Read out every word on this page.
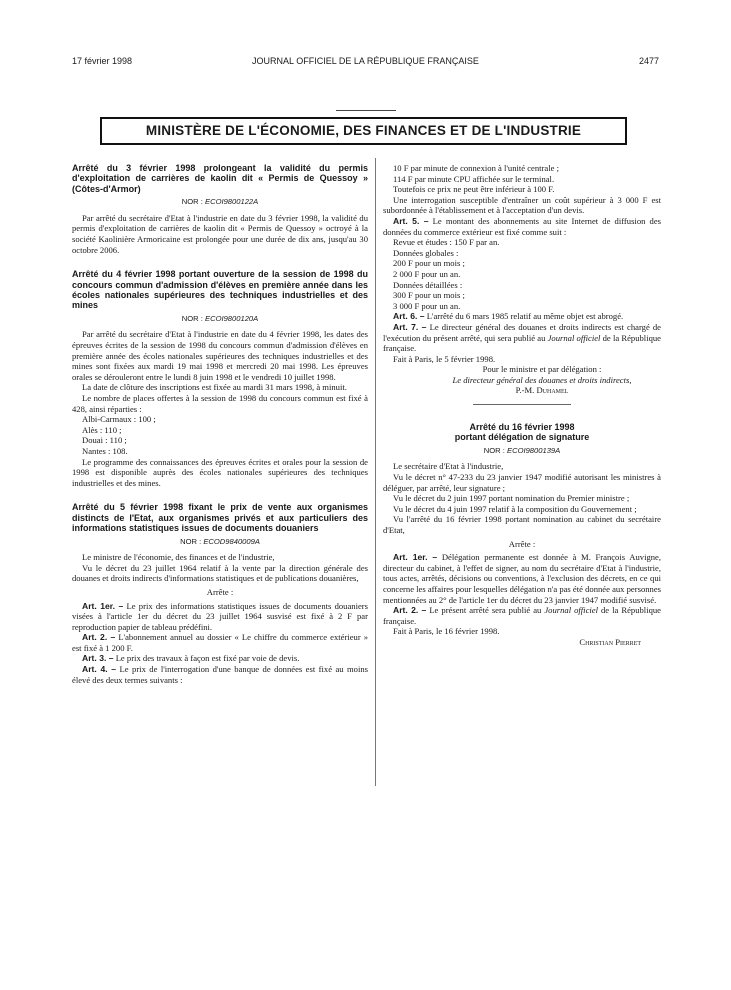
17 février 1998	JOURNAL OFFICIEL DE LA RÉPUBLIQUE FRANÇAISE	2477
MINISTÈRE DE L'ÉCONOMIE, DES FINANCES ET DE L'INDUSTRIE
Arrêté du 3 février 1998 prolongeant la validité du permis d'exploitation de carrières de kaolin dit « Permis de Quessoy » (Côtes-d'Armor)
NOR : ECOI9800122A

Par arrêté du secrétaire d'Etat à l'industrie en date du 3 février 1998, la validité du permis d'exploitation de carrières de kaolin dit « Permis de Quessoy » octroyé à la société Kaolinière Armoricaine est prolongée pour une durée de dix ans, jusqu'au 30 octobre 2006.

Arrêté du 4 février 1998 portant ouverture de la session de 1998 du concours commun d'admission d'élèves en première année dans les écoles nationales supérieures des techniques industrielles et des mines
NOR : ECOI9800120A

Par arrêté du secrétaire d'Etat à l'industrie en date du 4 février 1998, les dates des épreuves écrites de la session de 1998 du concours commun d'admission d'élèves en première année des écoles nationales supérieures des techniques industrielles et des mines sont fixées aux mardi 19 mai 1998 et mercredi 20 mai 1998. Les épreuves orales se dérouleront entre le lundi 8 juin 1998 et le vendredi 10 juillet 1998.

La date de clôture des inscriptions est fixée au mardi 31 mars 1998, à minuit.

Le nombre de places offertes à la session de 1998 du concours commun est fixé à 428, ainsi réparties :

Albi-Carmaux : 100 ;

Alès : 110 ;

Douai : 110 ;

Nantes : 108.

Le programme des connaissances des épreuves écrites et orales pour la session de 1998 est disponible auprès des écoles nationales supérieures des techniques industrielles et des mines.

Arrêté du 5 février 1998 fixant le prix de vente aux organismes distincts de l'Etat, aux organismes privés et aux particuliers des informations statistiques issues de documents douaniers
NOR : ECOD9840009A

Le ministre de l'économie, des finances et de l'industrie,

Vu le décret du 23 juillet 1964 relatif à la vente par la direction générale des douanes et droits indirects d'informations statistiques et de publications douanières,

Arrête :

Art. 1er. – Le prix des informations statistiques issues de documents douaniers visées à l'article 1er du décret du 23 juillet 1964 susvisé est fixé à 2 F par reproduction papier de tableau prédéfini.

Art. 2. – L'abonnement annuel au dossier « Le chiffre du commerce extérieur » est fixé à 1 200 F.

Art. 3. – Le prix des travaux à façon est fixé par voie de devis.

Art. 4. – Le prix de l'interrogation d'une banque de données est fixé au moins élevé des deux termes suivants :

10 F par minute de connexion à l'unité centrale ;

114 F par minute CPU affichée sur le terminal.

Toutefois ce prix ne peut être inférieur à 100 F.

Une interrogation susceptible d'entraîner un coût supérieur à 3 000 F est subordonnée à l'établissement et à l'acceptation d'un devis.

Art. 5. – Le montant des abonnements au site Internet de diffusion des données du commerce extérieur est fixé comme suit :

Revue et études : 150 F par an.

Données globales :

200 F pour un mois ;

2 000 F pour un an.

Données détaillées :

300 F pour un mois ;

3 000 F pour un an.

Art. 6. – L'arrêté du 6 mars 1985 relatif au même objet est abrogé.

Art. 7. – Le directeur général des douanes et droits indirects est chargé de l'exécution du présent arrêté, qui sera publié au Journal officiel de la République française.

Fait à Paris, le 5 février 1998.

Pour le ministre et par délégation :

Le directeur général des douanes et droits indirects,

P.-M. Duhamel

Arrêté du 16 février 1998 portant délégation de signature
NOR : ECOI9800139A

Le secrétaire d'Etat à l'industrie,

Vu le décret n° 47-233 du 23 janvier 1947 modifié autorisant les ministres à déléguer, par arrêté, leur signature ;

Vu le décret du 2 juin 1997 portant nomination du Premier ministre ;

Vu le décret du 4 juin 1997 relatif à la composition du Gouvernement ;

Vu l'arrêté du 16 février 1998 portant nomination au cabinet du secrétaire d'Etat,

Arrête :

Art. 1er. – Délégation permanente est donnée à M. François Auvigne, directeur du cabinet, à l'effet de signer, au nom du secrétaire d'Etat à l'industrie, tous actes, arrêtés, décisions ou conventions, à l'exclusion des décrets, en ce qui concerne les affaires pour lesquelles délégation n'a pas été donnée aux personnes mentionnées au 2° de l'article 1er du décret du 23 janvier 1947 modifié susvisé.

Art. 2. – Le présent arrêté sera publié au Journal officiel de la République française.

Fait à Paris, le 16 février 1998.

Christian Pierret
